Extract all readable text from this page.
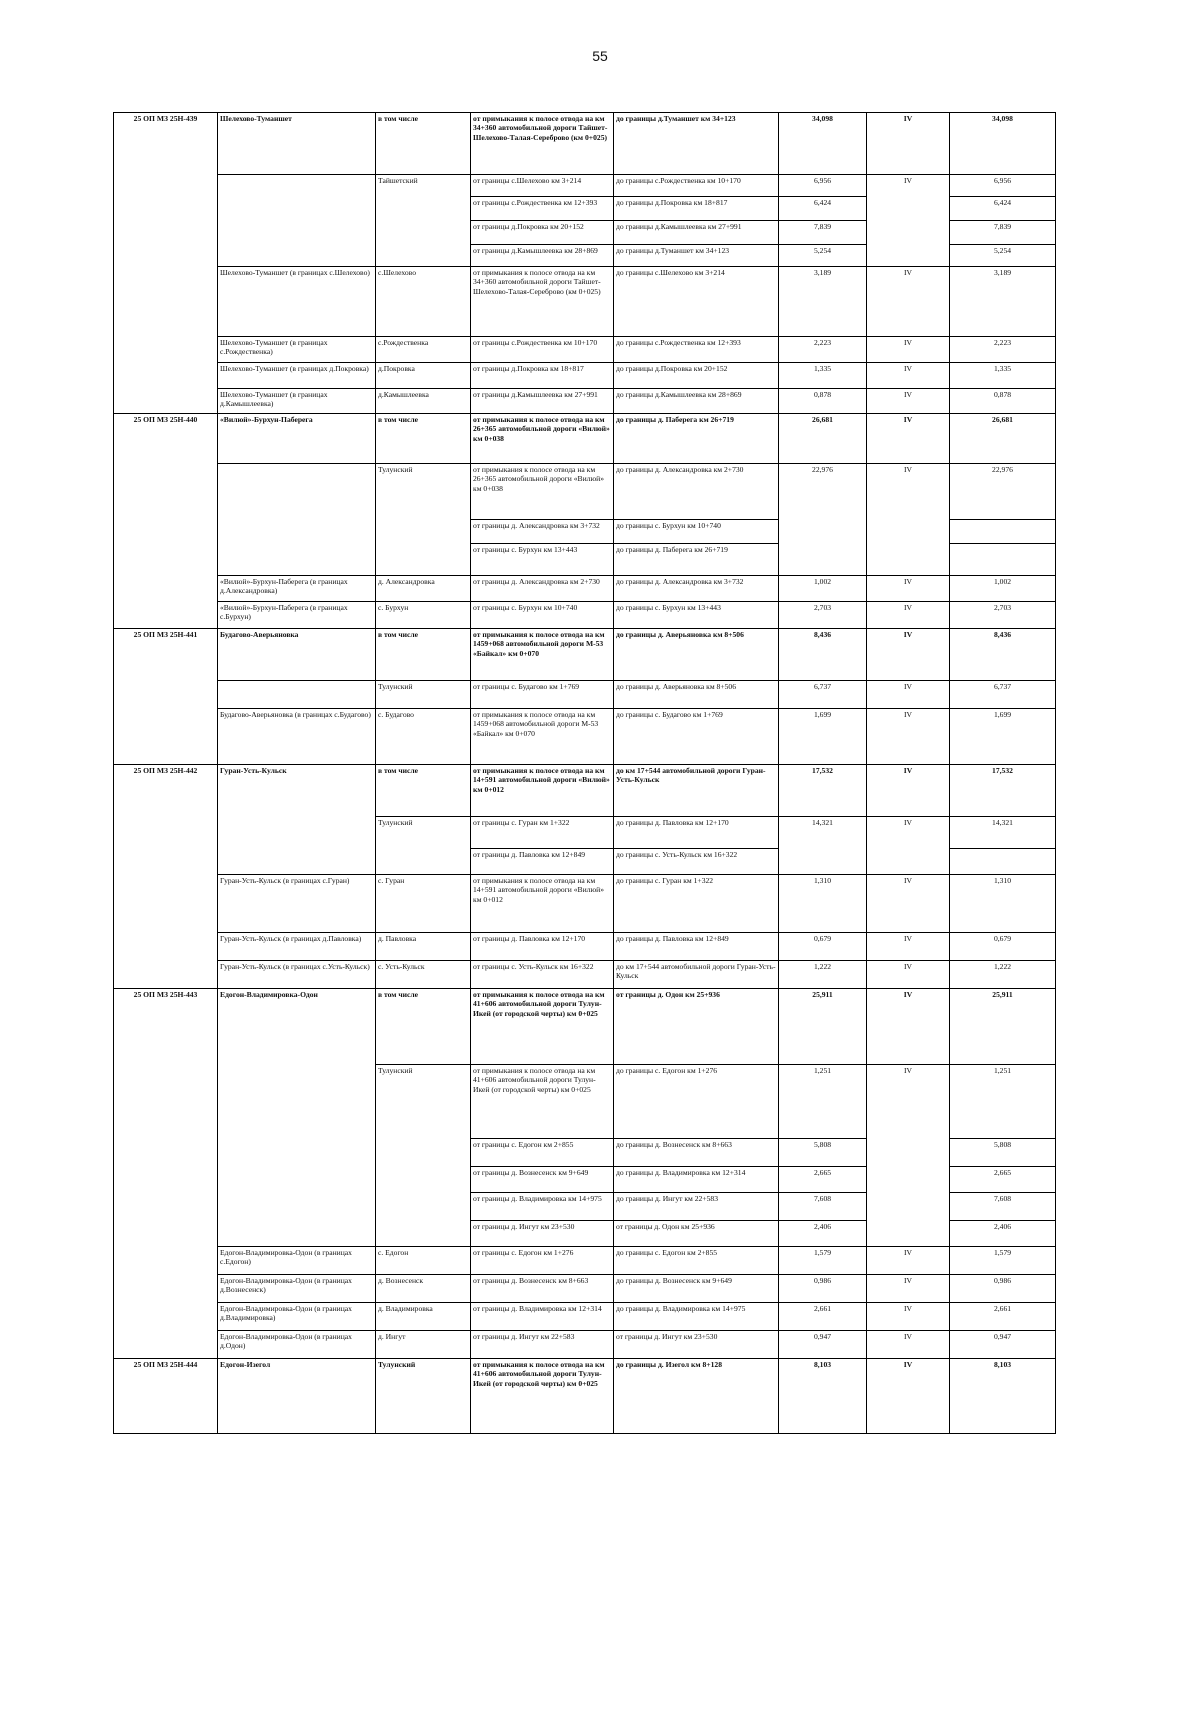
55
25 ОП МЗ 25Н-439	Шелехово-Туманшет	в том числе	от примыкания к полосе отвода на км 34+360 автомобильной дороги Тайшет-Шелехово-Талая-Сереброво (км 0+025)	до границы д.Туманшет км 34+123	34,098	IV	34,098
		Тайшетский	от границы с.Шелехово км 3+214	до границы с.Рождественка км 10+170	6,956	IV	6,956
			от границы с.Рождественка км 12+393	до границы д.Покровка км 18+817	6,424		6,424
			от границы д.Покровка км 20+152	до границы д.Камышлеевка км 27+991	7,839		7,839
			от границы д.Камышлеевка км 28+869	до границы д.Туманшет км 34+123	5,254		5,254
	Шелехово-Туманшет (в границах с.Шелехово)	с.Шелехово	от примыкания к полосе отвода на км 34+360 автомобильной дороги Тайшет-Шелехово-Талая-Сереброво (км 0+025)	до границы с.Шелехово км 3+214	3,189	IV	3,189
	Шелехово-Туманшет (в границах с.Рождественка)	с.Рождественка	от границы с.Рождественка км 10+170	до границы с.Рождественка км 12+393	2,223	IV	2,223
	Шелехово-Туманшет (в границах д.Покровка)	д.Покровка	от границы д.Покровка км 18+817	до границы д.Покровка км 20+152	1,335	IV	1,335
	Шелехово-Туманшет (в границах д.Камышлеевка)	д.Камышлеевка	от границы д.Камышлеевка км 27+991	до границы д.Камышлеевка км 28+869	0,878	IV	0,878
25 ОП МЗ 25Н-440	«Вилюй»-Бурхун-Паберега	в том числе	от примыкания к полосе отвода на км 26+365 автомобильной дороги «Вилюй» км 0+038	до границы д. Паберега км 26+719	26,681	IV	26,681
		Тулунский	от примыкания к полосе отвода на км 26+365 автомобильной дороги «Вилюй» км 0+038	до границы д. Александровка км 2+730	22,976	IV	22,976
			от границы д. Александровка км 3+732	до границы с. Бурхун км 10+740			
			от границы с. Бурхун км 13+443	до границы д. Паберега км 26+719			
	«Вилюй»-Бурхун-Паберега (в границах д.Александровка)	д. Александровка	от границы д. Александровка км 2+730	до границы д. Александровка км 3+732	1,002	IV	1,002
	«Вилюй»-Бурхун-Паберега (в границах с.Бурхун)	с. Бурхун	от границы с. Бурхун км 10+740	до границы с. Бурхун км 13+443	2,703	IV	2,703
25 ОП МЗ 25Н-441	Будагово-Аверьяновка	в том числе	от примыкания к полосе отвода на км 1459+068 автомобильной дороги М-53 «Байкал» км 0+070	до границы д. Аверьяновка км 8+506	8,436	IV	8,436
		Тулунский	от границы с. Будагово км 1+769	до границы д. Аверьяновка км 8+506	6,737	IV	6,737
	Будагово-Аверьяновка (в границах с.Будагово)	с. Будагово	от примыкания к полосе отвода на км 1459+068 автомобильной дороги М-53 «Байкал» км 0+070	до границы с. Будагово км 1+769	1,699	IV	1,699
25 ОП МЗ 25Н-442	Гуран-Усть-Кульск	в том числе	от примыкания к полосе отвода на км 14+591 автомобильной дороги «Вилюй» км 0+012	до км 17+544 автомобильной дороги Гуран-Усть-Кульск	17,532	IV	17,532
		Тулунский	от границы с. Гуран км 1+322	до границы д. Павловка км 12+170	14,321	IV	14,321
			от границы д. Павловка км 12+849	до границы с. Усть-Кульск км 16+322			
	Гуран-Усть-Кульск (в границах с.Гуран)	с. Гуран	от примыкания к полосе отвода на км 14+591 автомобильной дороги «Вилюй» км 0+012	до границы с. Гуран км 1+322	1,310	IV	1,310
	Гуран-Усть-Кульск (в границах д.Павловка)	д. Павловка	от границы д. Павловка км 12+170	до границы д. Павловка км 12+849	0,679	IV	0,679
	Гуран-Усть-Кульск (в границах с.Усть-Кульск)	с. Усть-Кульск	от границы с. Усть-Кульск км 16+322	до км 17+544 автомобильной дороги Гуран-Усть-Кульск	1,222	IV	1,222
25 ОП МЗ 25Н-443	Едогон-Владимировка-Одон	в том числе	от примыкания к полосе отвода на км 41+606 автомобильной дороги Тулун-Икей (от городской черты) км 0+025	от границы д. Одон км 25+936	25,911	IV	25,911
		Тулунский	от примыкания к полосе отвода на км 41+606 автомобильной дороги Тулун-Икей (от городской черты) км 0+025	до границы с. Едогон км 1+276	1,251	IV	1,251
			от границы с. Едогон км 2+855	до границы д. Вознесенск км 8+663	5,808		5,808
			от границы д. Вознесенск км 9+649	до границы д. Владимировка км 12+314	2,665		2,665
			от границы д. Владимировка км 14+975	до границы д. Ингут км 22+583	7,608		7,608
			от границы д. Ингут км 23+530	от границы д. Одон км 25+936	2,406		2,406
	Едогон-Владимировка-Одон (в границах с.Едогон)	с. Едогон	от границы с. Едогон км 1+276	до границы с. Едогон км 2+855	1,579	IV	1,579
	Едогон-Владимировка-Одон (в границах д.Вознесенск)	д. Вознесенск	от границы д. Вознесенск км 8+663	до границы д. Вознесенск км 9+649	0,986	IV	0,986
	Едогон-Владимировка-Одон (в границах д.Владимировка)	д. Владимировка	от границы д. Владимировка км 12+314	до границы д. Владимировка км 14+975	2,661	IV	2,661
	Едогон-Владимировка-Одон (в границах д.Одон)	д. Ингут	от границы д. Ингут км 22+583	от границы д. Ингут км 23+530	0,947	IV	0,947
25 ОП МЗ 25Н-444	Едогон-Изегол	Тулунский	от примыкания к полосе отвода на км 41+606 автомобильной дороги Тулун-Икей (от городской черты) км 0+025	до границы д. Изегол км 8+128	8,103	IV	8,103
